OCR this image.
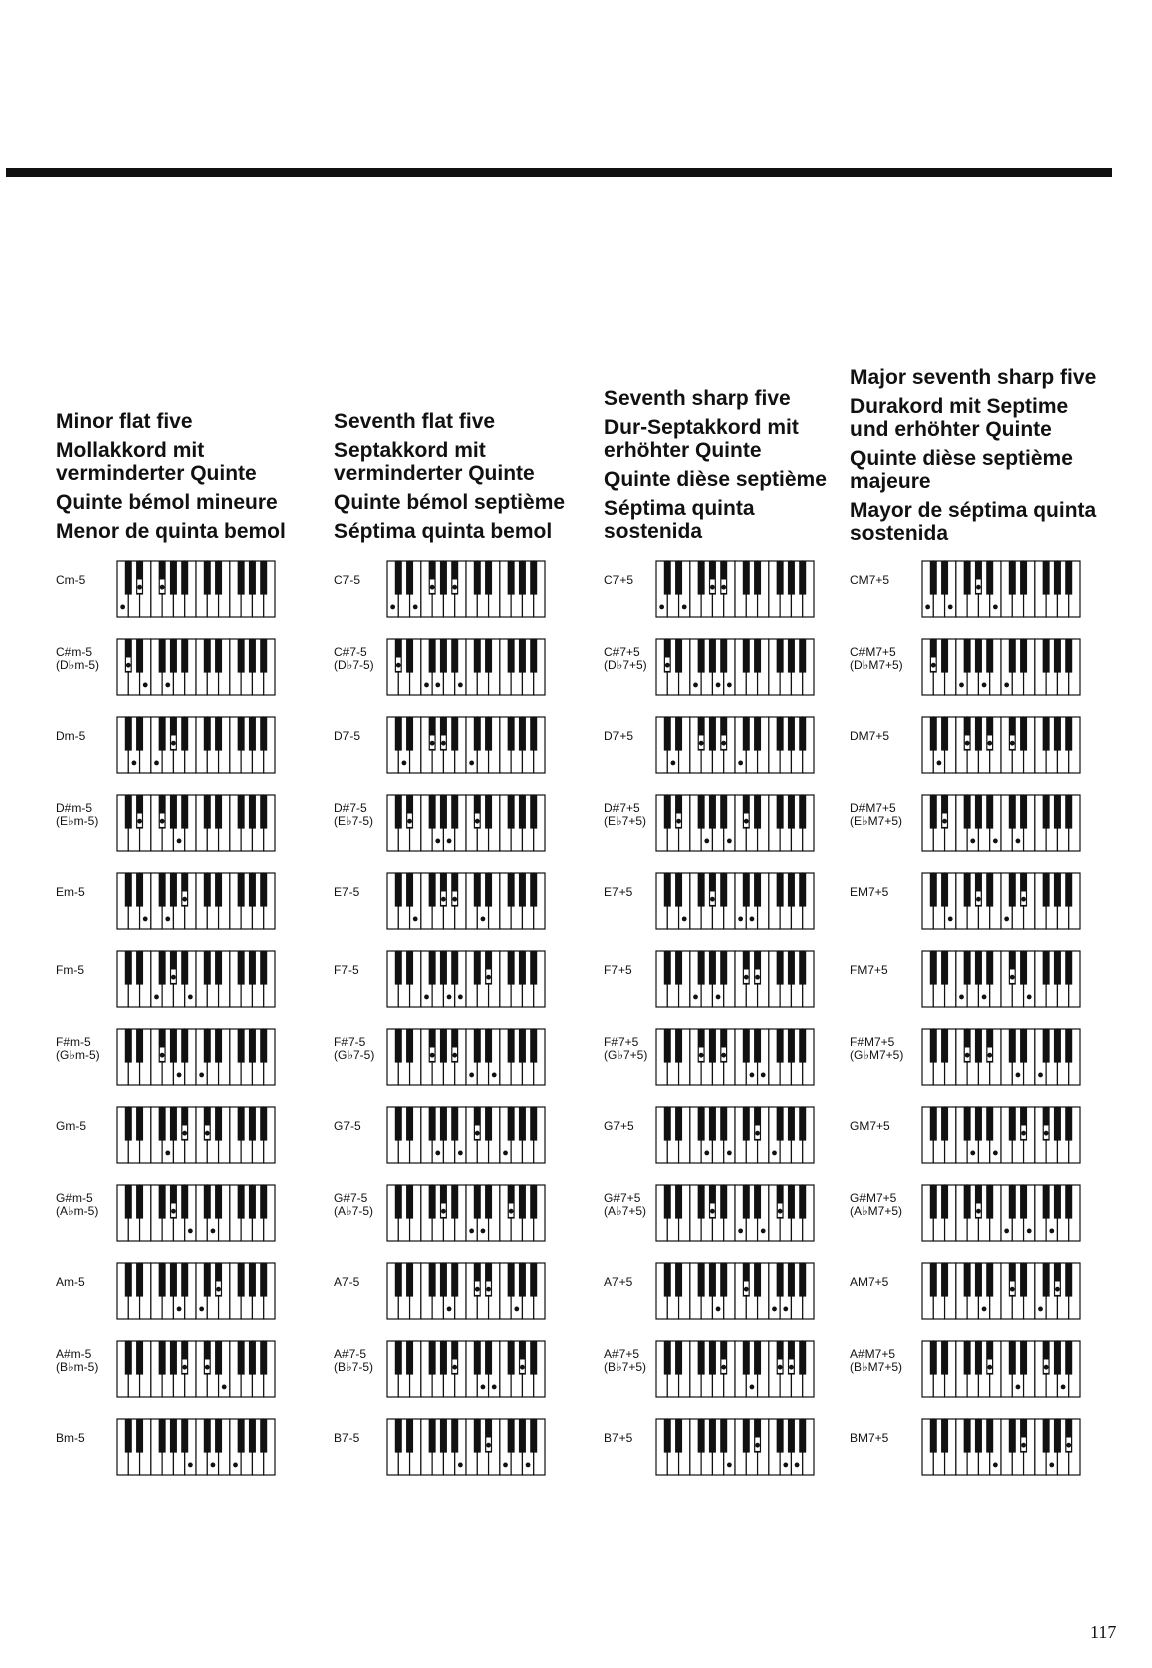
Minor flat five
Mollakkord mit
verminderter Quinte
Quinte bémol mineure
Menor de quinta bemol
Cm-5
C#m-5
(D♭m-5)
Dm-5
D#m-5
(E♭m-5)
Em-5
Fm-5
F#m-5
(G♭m-5)
Gm-5
G#m-5
(A♭m-5)
Am-5
A#m-5
(B♭m-5)
Bm-5
Seventh flat five
Septakkord mit
verminderter Quinte
Quinte bémol septième
Séptima quinta bemol
C7-5
C#7-5
(D♭7-5)
D7-5
D#7-5
(E♭7-5)
E7-5
F7-5
F#7-5
(G♭7-5)
G7-5
G#7-5
(A♭7-5)
A7-5
A#7-5
(B♭7-5)
B7-5
Seventh sharp five
Dur-Septakkord mit
erhöhter Quinte
Quinte dièse septième
Séptima quinta
sostenida
C7+5
C#7+5
(D♭7+5)
D7+5
D#7+5
(E♭7+5)
E7+5
F7+5
F#7+5
(G♭7+5)
G7+5
G#7+5
(A♭7+5)
A7+5
A#7+5
(B♭7+5)
B7+5
Major seventh sharp five
Durakord mit Septime
und erhöhter Quinte
Quinte dièse septième
majeure
Mayor de séptima quinta
sostenida
CM7+5
C#M7+5
(D♭M7+5)
DM7+5
D#M7+5
(E♭M7+5)
EM7+5
FM7+5
F#M7+5
(G♭M7+5)
GM7+5
G#M7+5
(A♭M7+5)
AM7+5
A#M7+5
(B♭M7+5)
BM7+5
117
